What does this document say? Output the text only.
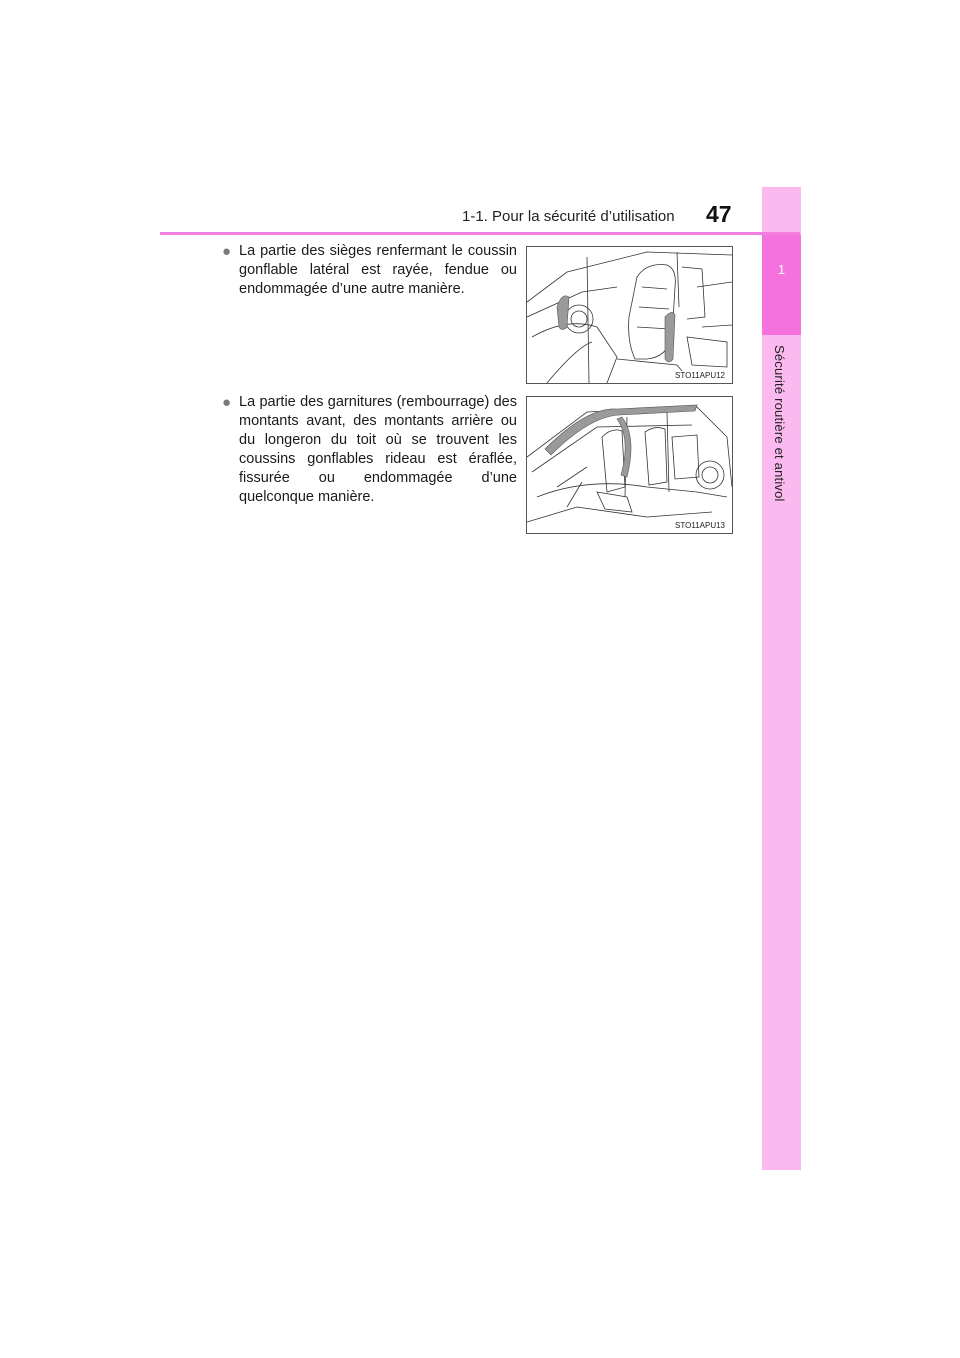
1
Sécurité routière et antivol
1-1. Pour la sécurité d’utilisation 47
● La partie des sièges renfermant le coussin gonflable latéral est rayée, fendue ou endommagée d’une autre manière.
STO11APU12
● La partie des garnitures (rembourrage) des montants avant, des montants arrière ou du longeron du toit où se trouvent les coussins gonflables rideau est éraflée, fissurée ou endommagée d’une quelconque manière.
STO11APU13
